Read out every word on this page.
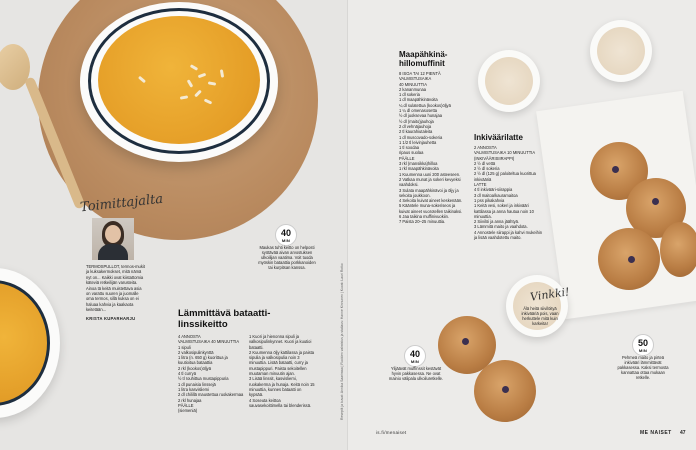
Toimittajalta
TERMOSPULLOT, termos-mukit ja kuksakermokset, mitä nämä nyt on... Kaikki ovat kiistattomia käteviä retkeilijän varusteita. Ainoa tä keitä muistettava asia on varattu suuren ja juomalle oma termos, sillä kuksa on ei haluaa kahvia ja kaakaota keitetään...
KRISTA KUPARHARJU
40
MIN
Maukas tuhti keitto on helposti syötävää aivan arvostuksen ulkoilijan vaatima. Voit tuoda myöskin bataattia porkkanoiden tai kurpitsan kanssa.
Lämmittävä bataatti-linssikeitto
4 ANNOSTA
VALMISTUSAIKA 40 MINUUTTIA
1 sipuli
2 valkosipulinkynttä
1 litra (n. 650 g) kuorittua ja kuutioitua bataattia
2 rkl (kookos)öljyä
4 tl curryä
½ tl rouhittua mustapippuria
1 dl punaisia linssejä
1 litra kasvisliemi
2 dl chilillä maustettua ruokakermaa
2 rkl hunajaa
PÄÄLLE
(siemeniä)
1 Kuori ja hienonna sipuli ja valkosipulinkynnet. Kuori ja kuutioi bataatti.
2 Kuumenna öljy kattilassa ja paista sipulia ja valkosipulia noin 3 minuuttia. Lisää bataatti, curry ja mustapippuri. Paista sekoitellen muutaman minuutin ajan.
3 Lisää linssit, kasvisliemi, ruokakerma ja hunaja. Keitä noin 15 minuuttia, kunnes bataatti on kypsää.
4 Soseuta keittoa sauvasekoittimella tai blenderissä.	Reseptit ja kuvat: Annika Saarimaa | Ruokien valmistus ja stailaus: Hanne Kinnunen | Kuvat: Lauri Rotko
Maapähkinä-hillomuffinit
8 ISOA TAI 12 PIENTÄ
VALMISTUSAIKA
40 MINUUTTIA
2 kananmunaa
1 dl sokeria
1 dl maapähkinävoita
¼ dl sulatettua (kookos)öljyä
1 ¼ dl omenasosetta
½ dl juoksevaa hunajaa
½ dl (maito)jauhoja
2 dl vehnäjauhoja
2 tl kaurahiutaleita
1 dl muscovado-sokeria
1 1/2 tl leivinjauhetta
1 tl soodaa
ripaus suolaa
PÄÄLLE
3 rkl (mansikka)hilloa
1 rkl maapähkinävoita
1 Kuumenna uuni 200 asteeseen.
2 Vatkaa munat ja sokeri kevyeksi vaahdoksi.
3 Sulata maapähkinävoi ja öljy ja sekoita joukkoon.
4 Sekoita kuivat aineet keskenään.
5 Kääntele muna-sokeriseos ja kuivat aineet vuorotellen taikinaksi.
6 Jaa taikina muffinivuokiin.
7 Paista 20–25 minuuttia.
Inkiväärilatte
2 ANNOSTA
VALMISTUSAIKA 10 MINUUTTIA
(INKIVÄÄRISIIRAPPI)
2 ½ dl vettä
2 ½ dl sokeria
2 ½ dl (125 g) paloiteltua kuorittua inkivääriä
LATTE
4 tl inkivääri-siirappia
3 dl maitoa/kauramaitoa
1 pss pikakahvia
1 Keitä vesi, sokeri ja inkivääri kattilassa ja anna hautua noin 10 minuuttia.
2 Siivilöi ja anna jäähtyä.
3 Lämmitä maito ja vaahdota.
4 Annostele siirappi ja kahvi mukeihin ja lisää vaahdotettu maito.
Vinkki!
Älä heitä siivilöityä inkivääriä pois, vaan herkuttele mitä kuin karkeita!
40
MIN
Ylijäävät muffinssit kestävät hyvin pakkasessa. Ne ovat mainio välipala ulkoiluretkelle.
50
MIN
Pehmeä maito ja pirteä inkivääri lämmittävät pakkasessa. Kaksi termosta kannattaa ottaa mukaan retkelle.
is.fi/menaiset	ME NAISET 47
